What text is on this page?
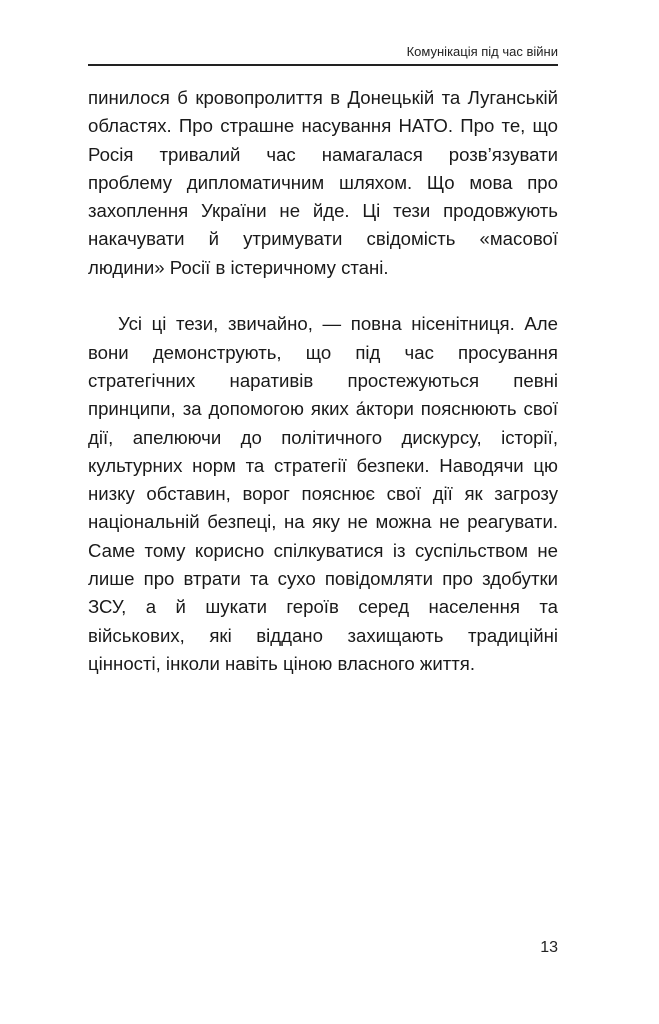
Комунікація під час війни

пинилося б кровопролиття в Донецькій та Луганській областях. Про страшне насування НАТО. Про те, що Росія тривалий час намагалася розв’язувати проблему дипломатичним шляхом. Що мова про захоплення України не йде. Ці тези продовжують накачувати й утримувати свідомість «масової людини» Росії в істеричному стані.

Усі ці тези, звичайно, — повна нісенітниця. Але вони демонструють, що під час просування стратегічних наративів простежуються певні принципи, за допомогою яких а́ктори пояснюють свої дії, апелюючи до політичного дискурсу, історії, культурних норм та стратегії безпеки. Наводячи цю низку обставин, ворог пояснює свої дії як загрозу національній безпеці, на яку не можна не реагувати. Саме тому корисно спілкуватися із суспільством не лише про втрати та сухо повідомляти про здобутки ЗСУ, а й шукати героїв серед населення та військових, які віддано захищають традиційні цінності, інколи навіть ціною власного життя.

13
